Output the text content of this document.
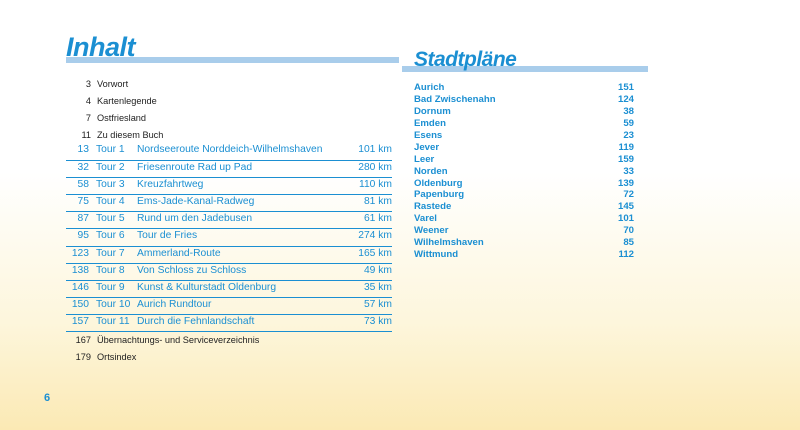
Inhalt	Stadtpläne
3 Vorwort
4 Kartenlegende
7 Ostfriesland
11 Zu diesem Buch
13 Tour 1 Nordseeroute Norddeich-Wilhelmshaven	101 km
32 Tour 2 Friesenroute Rad up Pad	280 km
58 Tour 3 Kreuzfahrtweg	110 km
75 Tour 4 Ems-Jade-Kanal-Radweg	81 km
87 Tour 5 Rund um den Jadebusen	61 km
95 Tour 6 Tour de Fries	274 km
123 Tour 7 Ammerland-Route	165 km
138 Tour 8 Von Schloss zu Schloss	49 km
146 Tour 9 Kunst & Kulturstadt Oldenburg	35 km
150 Tour 10 Aurich Rundtour	57 km
157 Tour 11 Durch die Fehnlandschaft	73 km
167 Übernachtungs- und Serviceverzeichnis
179 Ortsindex
Aurich	151
Bad Zwischenahn	124
Dornum	38
Emden	59
Esens	23
Jever	119
Leer	159
Norden	33
Oldenburg	139
Papenburg	72
Rastede	145
Varel	101
Weener	70
Wilhelmshaven	85
Wittmund	112
6
